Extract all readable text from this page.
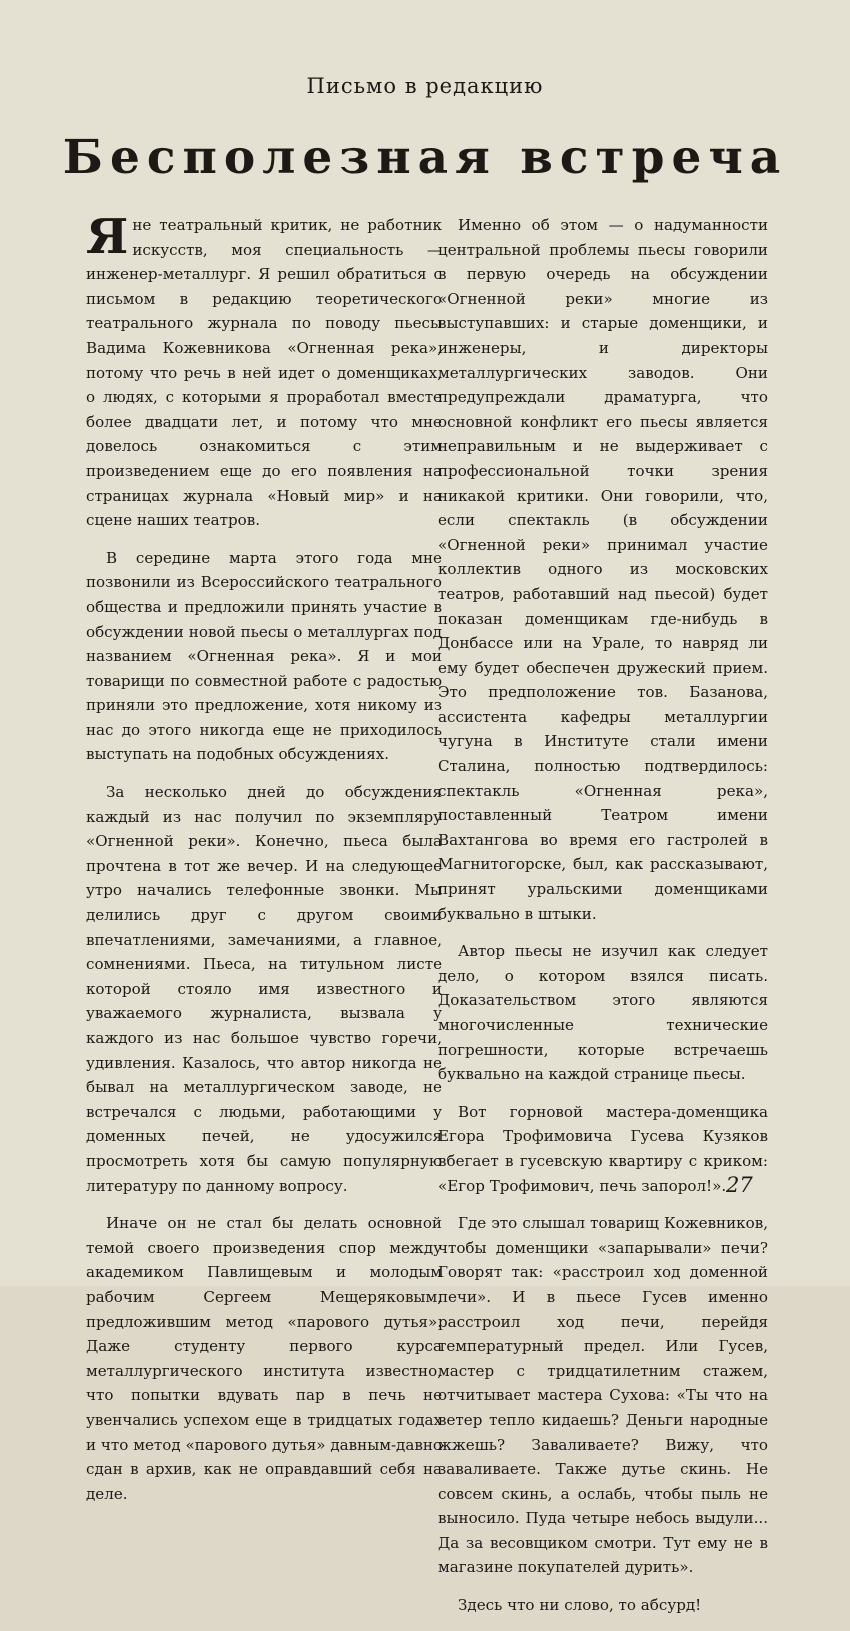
Письмо в редакцию
Бесполезная встреча

Яне театральный критик, не работник искусств, моя специальность — инженер-металлург. Я решил обратиться с письмом в редакцию теоретического театрального журнала по поводу пьесы Вадима Кожевникова «Огненная река», потому что речь в ней идет о доменщиках, о людях, с которыми я проработал вместе более двадцати лет, и потому что мне довелось ознакомиться с этим произведением еще до его появления на страницах журнала «Новый мир» и на сцене наших театров.

В середине марта этого года мне позвонили из Всероссийского театрального общества и предложили принять участие в обсуждении новой пьесы о металлургах под названием «Огненная река». Я и мои товарищи по совместной работе с радостью приняли это предложение, хотя никому из нас до этого никогда еще не приходилось выступать на подобных обсуждениях.

За несколько дней до обсуждения каждый из нас получил по экземпляру «Огненной реки». Конечно, пьеса была прочтена в тот же вечер. И на следующее утро начались телефонные звонки. Мы делились друг с другом своими впечатлениями, замечаниями, а главное, сомнениями. Пьеса, на титульном листе которой стояло имя известного и уважаемого журналиста, вызвала у каждого из нас большое чувство горечи, удивления. Казалось, что автор никогда не бывал на металлургическом заводе, не встречался с людьми, работающими у доменных печей, не удосужился просмотреть хотя бы самую популярную литературу по данному вопросу.

Иначе он не стал бы делать основной темой своего произведения спор между академиком Павлищевым и молодым рабочим Сергеем Мещеряковым, предложившим метод «парового дутья». Даже студенту первого курса металлургического института известно, что попытки вдувать пар в печь не увенчались успехом еще в тридцатых годах и что метод «парового дутья» давным-давно сдан в архив, как не оправдавший себя на деле.

Именно об этом — о надуманности центральной проблемы пьесы говорили в первую очередь на обсуждении «Огненной реки» многие из выступавших: и старые доменщики, и инженеры, и директоры металлургических заводов. Они предупреждали драматурга, что основной конфликт его пьесы является неправильным и не выдерживает с профессиональной точки зрения никакой критики. Они говорили, что, если спектакль (в обсуждении «Огненной реки» принимал участие коллектив одного из московских театров, работавший над пьесой) будет показан доменщикам где-нибудь в Донбассе или на Урале, то навряд ли ему будет обеспечен дружеский прием. Это предположение тов. Базанова, ассистента кафедры металлургии чугуна в Институте стали имени Сталина, полностью подтвердилось: спектакль «Огненная река», поставленный Театром имени Вахтангова во время его гастролей в Магнитогорске, был, как рассказывают, принят уральскими доменщиками буквально в штыки.

Автор пьесы не изучил как следует дело, о котором взялся писать. Доказательством этого являются многочисленные технические погрешности, которые встречаешь буквально на каждой странице пьесы.

Вот горновой мастера-доменщика Егора Трофимовича Гусева Кузяков вбегает в гусевскую квартиру с криком: «Егор Трофимович, печь запорол!».

Где это слышал товарищ Кожевников, чтобы доменщики «запарывали» печи? Говорят так: «расстроил ход доменной печи». И в пьесе Гусев именно расстроил ход печи, перейдя температурный предел. Или Гусев, мастер с тридцатилетним стажем, отчитывает мастера Сухова: «Ты что на ветер тепло кидаешь? Деньги народные жжешь? Заваливаете? Вижу, что заваливаете. Также дутье скинь. Не совсем скинь, а ослабь, чтобы пыль не выносило. Пуда четыре небось выдули... Да за весовщиком смотри. Тут ему не в магазине покупателей дурить».

Здесь что ни слово, то абсурд!

27
